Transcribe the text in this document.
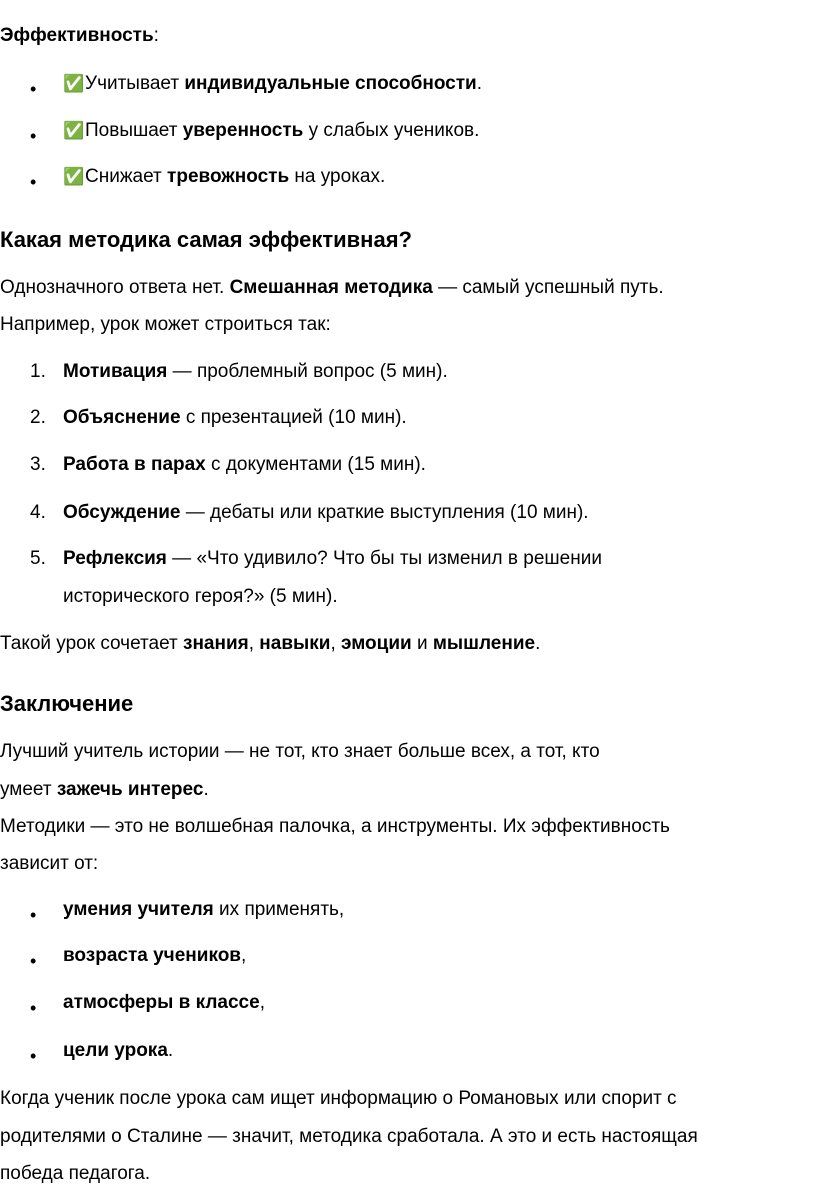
Эффективность:
• ✅Учитывает индивидуальные способности.
• ✅Повышает уверенность у слабых учеников.
• ✅Снижает тревожность на уроках.
Какая методика самая эффективная?
Однозначного ответа нет. Смешанная методика — самый успешный путь.
Например, урок может строиться так:
1. Мотивация — проблемный вопрос (5 мин).
2. Объяснение с презентацией (10 мин).
3. Работа в парах с документами (15 мин).
4. Обсуждение — дебаты или краткие выступления (10 мин).
5. Рефлексия — «Что удивило? Что бы ты изменил в решении
исторического героя?» (5 мин).
Такой урок сочетает знания, навыки, эмоции и мышление.
Заключение
Лучший учитель истории — не тот, кто знает больше всех, а тот, кто
умеет зажечь интерес.
Методики — это не волшебная палочка, а инструменты. Их эффективность
зависит от:
• умения учителя их применять,
• возраста учеников,
• атмосферы в классе,
• цели урока.
Когда ученик после урока сам ищет информацию о Романовых или спорит с
родителями о Сталине — значит, методика сработала. А это и есть настоящая
победа педагога.
